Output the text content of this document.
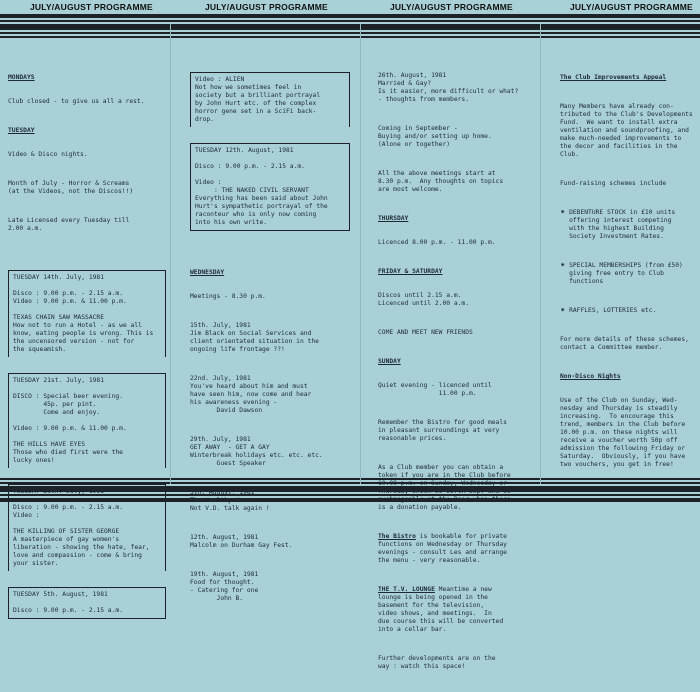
JULY/AUGUST PROGRAMME	JULY/AUGUST PROGRAMME	JULY/AUGUST PROGRAMME	JULY/AUGUST PROGRAMME

MONDAYS

Club closed - to give us all a rest.

TUESDAY

Video & Disco nights.

Month of July - Horror & Screams
(at the Videos, not the Discos!!)

Late Licensed every Tuesday till
2.00 a.m.

TUESDAY 14th. July, 1981

Disco : 9.00 p.m. - 2.15 a.m.
Video : 9.00 p.m. & 11.00 p.m.

TEXAS CHAIN SAW MASSACRE
How not to run a Hotel - as we all
know, eating people is wrong. This is
the uncensored version - not for
the squeamish.

TUESDAY 21st. July, 1981

DISCO : Special beer evening.
45p. per pint.
Come and enjoy.

Video : 9.00 p.m. & 11.00 p.m.

THE HILLS HAVE EYES
Those who died first were the
lucky ones!

TUESDAY 28th. July, 1981

Disco : 9.00 p.m. - 2.15 a.m.
Video :

THE KILLING OF SISTER GEORGE
A masterpiece of gay women's
liberation - showing the hate, fear,
love and compassion - come & bring
your sister.

TUESDAY 5th. August, 1981

Disco : 9.00 p.m. - 2.15 a.m.

Video : ALIEN
Not how we sometimes feel in
society but a brilliant portrayal
by John Hurt etc. of the complex
horror gene set in a SciFi back-
drop.

TUESDAY 12th. August, 1981

Disco : 9.00 p.m. - 2.15 a.m.

Video :
: THE NAKED CIVIL SERVANT
Everything has been said about John
Hurt's sympathetic portrayal of the
raconteur who is only now coming
into his own write.

WEDNESDAY

Meetings - 8.30 p.m.

15th. July, 1981
Jim Black on Social Services and
client orientated situation in the
ongoing life frontage ??!

22nd. July, 1981
You've heard about him and must
have seen him, now come and hear
his awareness evening -
David Dawson

29th. July, 1981
GET AWAY  - GET A GAY
Winterbreak holidays etc. etc. etc.
Guest Speaker

5th. August, 1981
The Healthy Homo
Not V.D. talk again !

12th. August, 1981
Malcolm on Durham Gay Fest.

19th. August, 1981
Food for thought.
- Catering for one
John B.

26th. August, 1981
Married & Gay?
Is it easier, more difficult or what?
- thoughts from members.

Coming in September -
Buying and/or setting up home.
(Alone or together)

All the above meetings start at
8.30 p.m.  Any thoughts on topics
are most welcome.

THURSDAY

Licenced 8.00 p.m. - 11.00 p.m.

FRIDAY & SATURDAY

Discos until 2.15 a.m.
Licenced until 2.00 a.m.

COME AND MEET NEW FRIENDS

SUNDAY

Quiet evening - licenced until
11.00 p.m.

Remember the Bistro for good meals
in pleasant surroundings at very
reasonable prices.

As a Club member you can obtain a
token if you are in the Club before
10.00 p.m. on Sunday, Wednesday or
Thursday which is worth 50p. and is
exchangeable at the Door when there
is a donation payable.

The Bistro is bookable for private
functions on Wednesday or Thursday
evenings - consult Les and arrange
the menu - very reasonable.

THE T.V. LOUNGE Meantime a new
lounge is being opened in the
basement for the television,
video shows, and meetings.  In
due course this will be converted
into a cellar bar.

Further developments are on the
way : watch this space!

The Club Improvements Appeal

Many Members have already con-
tributed to the Club's Developments
Fund.  We want to install extra
ventilation and soundproofing, and
make much-needed improvements to
the decor and facilities in the
Club.

Fund-raising schemes include

⁕ DEBENTURE STOCK in £10 units
offering interest competing
with the highest Building
Society Investment Rates.

⁕ SPECIAL MEMBERSHIPS (from £50)
giving free entry to Club
functions

⁕ RAFFLES, LOTTERIES etc.

For more details of these schemes,
contact a Committee member.

Non-Disco Nights

Use of the Club on Sunday, Wed-
nesday and Thursday is steadily
increasing.  To encourage this
trend, members in the Club before
10.00 p.m. on these nights will
receive a voucher worth 50p off
admission the following Friday or
Saturday.  Obviously, if you have
two vouchers, you get in free!
